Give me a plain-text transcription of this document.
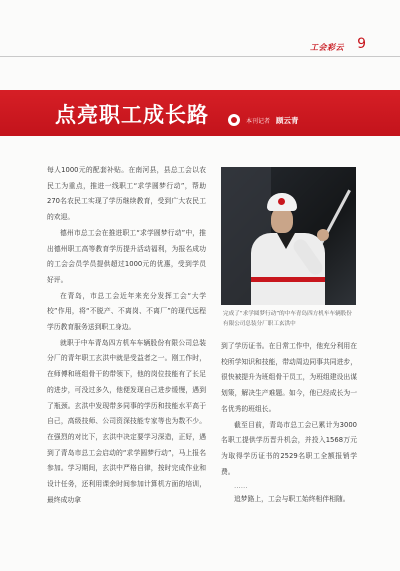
工会彩云 9
点亮职工成长路	本刊记者 顾云青

每人1000元的配套补贴。在南河县，县总工会以农民工为重点，推进一线职工“求学圆梦行动”，帮助270名农民工实现了学历继续教育，受到广大农民工的欢迎。

德州市总工会在推进职工“求学圆梦行动”中，推出德州职工高等教育学历提升活动福利，为报名成功的工会会员学员提供超过1000元的优惠，受到学员好评。

在青岛，市总工会近年来充分发挥工会“大学校”作用，将“不脱产、不离岗、不离厂”的现代远程学历教育服务送到职工身边。

就职于中车青岛四方机车车辆股份有限公司总装分厂的青年职工玄洪中就是受益者之一。刚工作时，在师傅和班组骨干的带领下，他的岗位技能有了长足的进步，可没过多久，他便发现自己进步缓慢，遇到了瓶颈。玄洪中发现带多同事的学历和技能水平高于自己，高级技师、公司资深技能专家等也为数不少。在强烈的对比下，玄洪中决定要学习深造，正好，遇到了青岛市总工会启动的“求学圆梦行动”，马上报名参加。学习期间，玄洪中严格自律，按时完成作业和设计任务，还利用课余时间参加计算机方面的培训，最终成功拿

完成了“求学圆梦行动”的中车青岛四方机车车辆股份有限公司总装分厂职工玄洪中

到了学历证书。在日常工作中，他充分利用在校所学知识和技能，带动周边同事共同进步，很快被提升为班组骨干员工，为班组建设出谋划策，解决生产难题。如今，他已经成长为一名优秀的班组长。

截至目前，青岛市总工会已累计为3000名职工提供学历晋升机会，并投入1568万元为取得学历证书的2529名职工全额报销学费。

……

追梦路上，工会与职工始终相伴相随。
